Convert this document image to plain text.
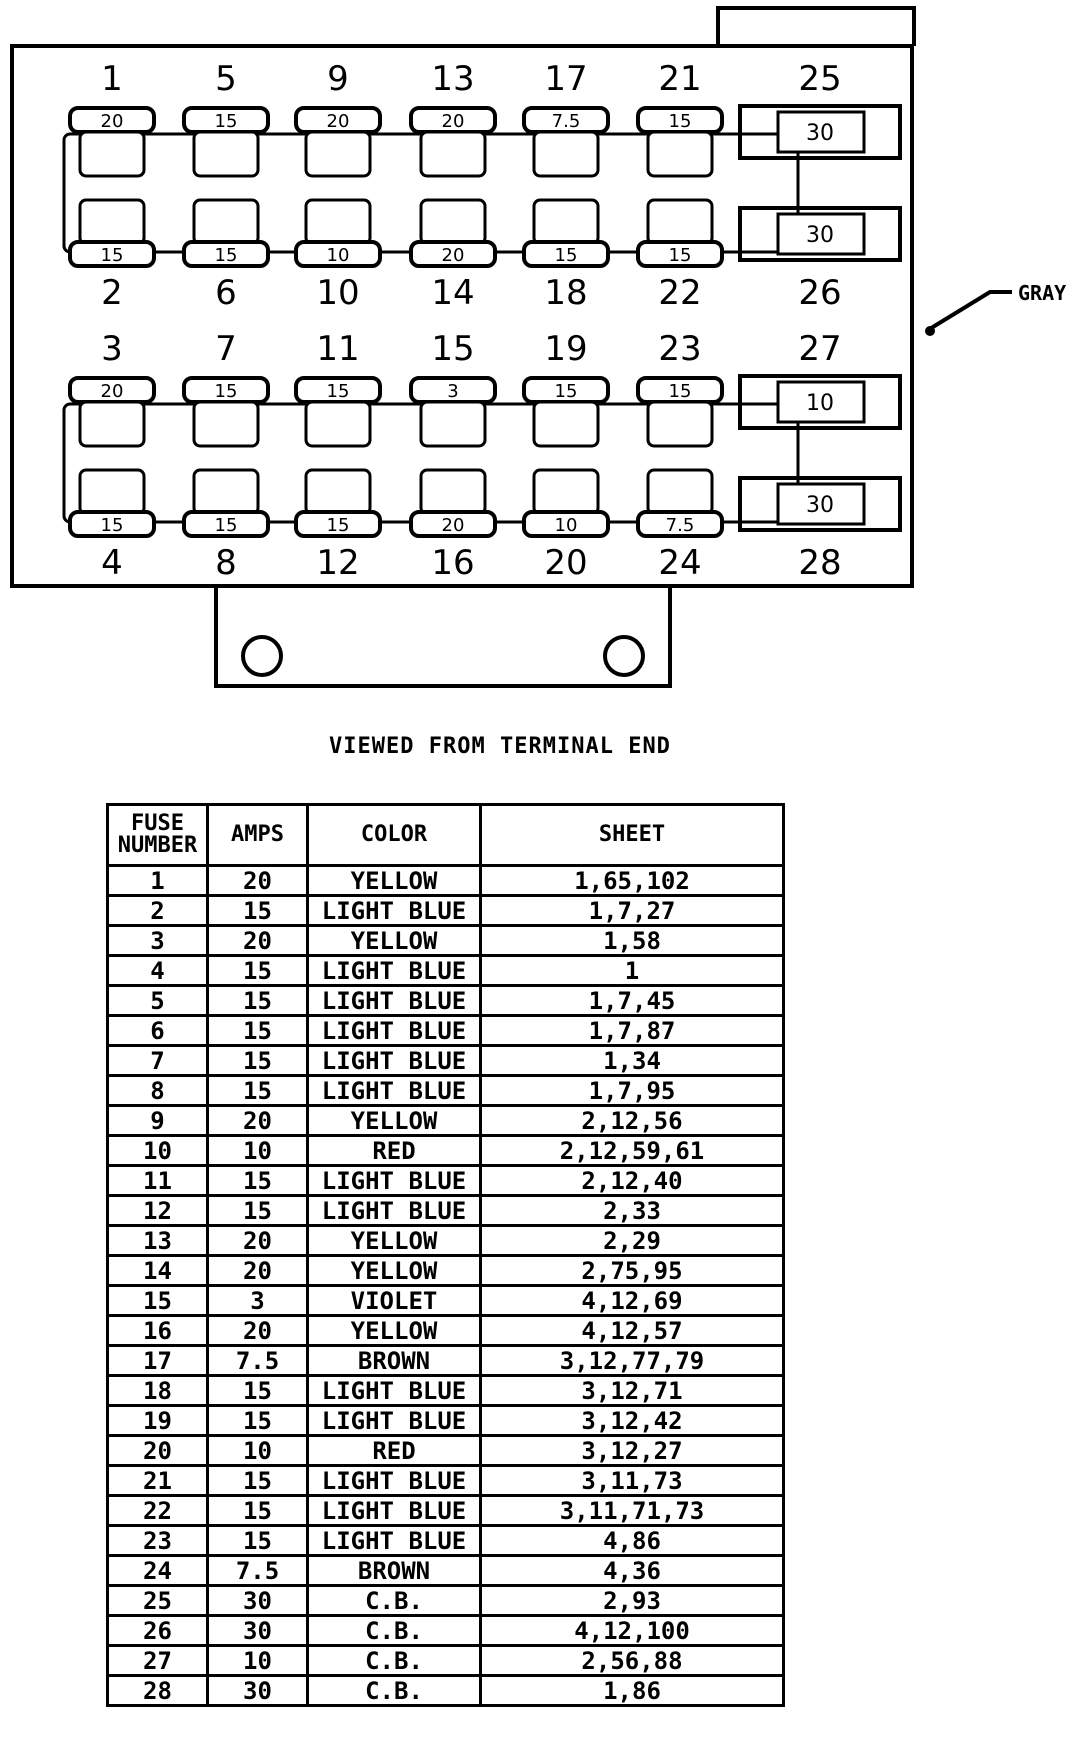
GRAY
1
20
5
15
9
20
13
20
17
7.5
21
15
15
2
15
6
10
10
20
14
15
18
15
22
30
25
30
26
3
20
7
15
11
15
15
3
19
15
23
15
15
4
15
8
15
12
20
16
10
20
7.5
24
10
27
30
28
VIEWED FROM TERMINAL END
FUSE NUMBER	AMPS	COLOR	SHEET
1	20	YELLOW	1,65,102
2	15	LIGHT BLUE	1,7,27
3	20	YELLOW	1,58
4	15	LIGHT BLUE	1
5	15	LIGHT BLUE	1,7,45
6	15	LIGHT BLUE	1,7,87
7	15	LIGHT BLUE	1,34
8	15	LIGHT BLUE	1,7,95
9	20	YELLOW	2,12,56
10	10	RED	2,12,59,61
11	15	LIGHT BLUE	2,12,40
12	15	LIGHT BLUE	2,33
13	20	YELLOW	2,29
14	20	YELLOW	2,75,95
15	3	VIOLET	4,12,69
16	20	YELLOW	4,12,57
17	7.5	BROWN	3,12,77,79
18	15	LIGHT BLUE	3,12,71
19	15	LIGHT BLUE	3,12,42
20	10	RED	3,12,27
21	15	LIGHT BLUE	3,11,73
22	15	LIGHT BLUE	3,11,71,73
23	15	LIGHT BLUE	4,86
24	7.5	BROWN	4,36
25	30	C.B.	2,93
26	30	C.B.	4,12,100
27	10	C.B.	2,56,88
28	30	C.B.	1,86
